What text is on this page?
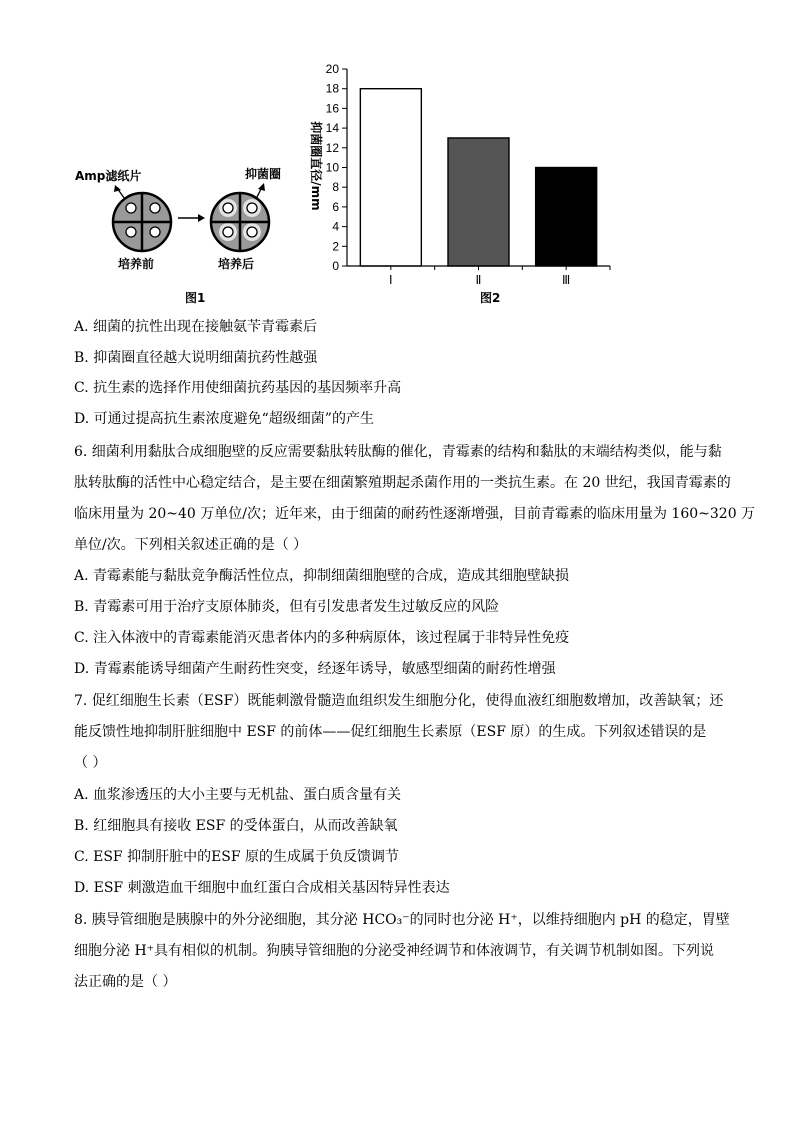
Amp滤纸片	抑菌圈
培养前	培养后
图1
抑菌圈直径/mm
0
2
4
6
8
10
12
14
16
18
20
Ⅰ	Ⅱ	Ⅲ
图2
A. 细菌的抗性出现在接触氨苄青霉素后
B. 抑菌圈直径越大说明细菌抗药性越强
C. 抗生素的选择作用使细菌抗药基因的基因频率升高
D. 可通过提高抗生素浓度避免“超级细菌”的产生
6. 细菌利用黏肽合成细胞壁的反应需要黏肽转肽酶的催化，青霉素的结构和黏肽的末端结构类似，能与黏
肽转肽酶的活性中心稳定结合，是主要在细菌繁殖期起杀菌作用的一类抗生素。在 20 世纪，我国青霉素的
临床用量为 20~40 万单位/次；近年来，由于细菌的耐药性逐渐增强，目前青霉素的临床用量为 160~320 万
单位/次。下列相关叙述正确的是（ ）
A. 青霉素能与黏肽竞争酶活性位点，抑制细菌细胞壁的合成，造成其细胞壁缺损
B. 青霉素可用于治疗支原体肺炎，但有引发患者发生过敏反应的风险
C. 注入体液中的青霉素能消灭患者体内的多种病原体，该过程属于非特异性免疫
D. 青霉素能诱导细菌产生耐药性突变，经逐年诱导，敏感型细菌的耐药性增强
7. 促红细胞生长素（ESF）既能刺激骨髓造血组织发生细胞分化，使得血液红细胞数增加，改善缺氧；还
能反馈性地抑制肝脏细胞中 ESF 的前体——促红细胞生长素原（ESF 原）的生成。下列叙述错误的是
（ ）
A. 血浆渗透压的大小主要与无机盐、蛋白质含量有关
B. 红细胞具有接收 ESF 的受体蛋白，从而改善缺氧
C. ESF 抑制肝脏中的ESF 原的生成属于负反馈调节
D. ESF 刺激造血干细胞中血红蛋白合成相关基因特异性表达
8. 胰导管细胞是胰腺中的外分泌细胞，其分泌 HCO₃⁻的同时也分泌 H⁺，以维持细胞内 pH 的稳定，胃壁
细胞分泌 H⁺具有相似的机制。狗胰导管细胞的分泌受神经调节和体液调节，有关调节机制如图。下列说
法正确的是（ ）
